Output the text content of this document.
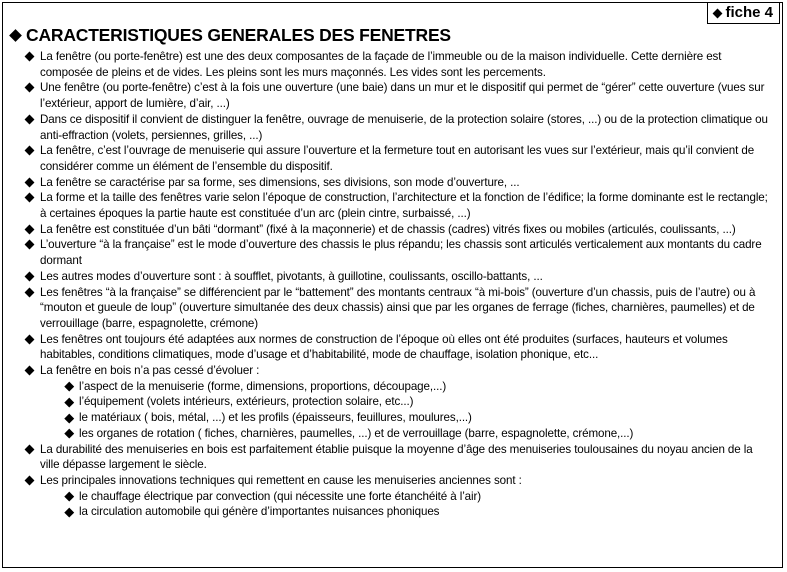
fiche 4
CARACTERISTIQUES GENERALES DES FENETRES
La fenêtre (ou porte-fenêtre) est une des deux composantes de la façade de l’immeuble ou de la maison individuelle. Cette dernière est composée de pleins et de vides. Les pleins sont les murs maçonnés. Les vides sont les percements.
Une fenêtre (ou porte-fenêtre) c’est à la fois une ouverture (une baie) dans un mur et le dispositif qui permet de “gérer” cette ouverture (vues sur l’extérieur, apport de lumière, d’air, ...)
Dans ce dispositif il convient de distinguer la fenêtre, ouvrage de menuiserie, de la protection solaire (stores, ...) ou de la protection climatique ou anti-effraction (volets, persiennes, grilles, ...)
La fenêtre, c’est l’ouvrage de menuiserie qui assure l’ouverture et la fermeture tout en autorisant les vues sur l’extérieur, mais qu’il convient de considérer comme un élément de l’ensemble du dispositif.
La fenêtre se caractérise par sa forme, ses dimensions, ses divisions, son mode d’ouverture, ...
La forme et la taille des fenêtres varie selon l’époque de construction, l’architecture et la fonction de l’édifice; la forme dominante est le rectangle; à certaines époques la partie haute est constituée d’un arc (plein cintre, surbaissé, ...)
La fenêtre est constituée d’un bâti “dormant” (fixé à la maçonnerie) et de chassis (cadres) vitrés fixes ou mobiles (articulés, coulissants, ...)
L’ouverture “à la française” est le mode d’ouverture des chassis le plus répandu; les chassis sont articulés verticalement aux montants du cadre dormant
Les autres modes d’ouverture sont : à soufflet, pivotants, à guillotine, coulissants, oscillo-battants, ...
Les fenêtres “à la française” se différencient par le “battement” des montants centraux “à mi-bois” (ouverture d’un chassis, puis de l’autre) ou à “mouton et gueule de loup” (ouverture simultanée des deux chassis) ainsi que par les organes de ferrage (fiches, charnières, paumelles) et de verrouillage (barre, espagnolette, crémone)
Les fenêtres ont toujours été adaptées aux normes de construction de l’époque où elles ont été produites (surfaces, hauteurs et volumes habitables, conditions climatiques, mode d’usage et d’habitabilité, mode de chauffage, isolation phonique, etc...
La fenêtre en bois n’a pas cessé d’évoluer :
l’aspect de la menuiserie (forme, dimensions, proportions, découpage,...)
l’équipement (volets intérieurs, extérieurs, protection solaire, etc...)
le matériaux ( bois, métal, ...) et les profils (épaisseurs, feuillures, moulures,...)
les organes de rotation ( fiches, charnières, paumelles, ...) et de verrouillage (barre, espagnolette, crémone,...)
La durabilité des menuiseries en bois est parfaitement établie puisque la moyenne d’âge des menuiseries toulousaines du noyau ancien de la ville dépasse largement le siècle.
Les principales innovations techniques qui remettent en cause les menuiseries anciennes sont :
le chauffage électrique par convection (qui nécessite une forte étanchéité à l’air)
la circulation automobile qui génère d’importantes nuisances phoniques
